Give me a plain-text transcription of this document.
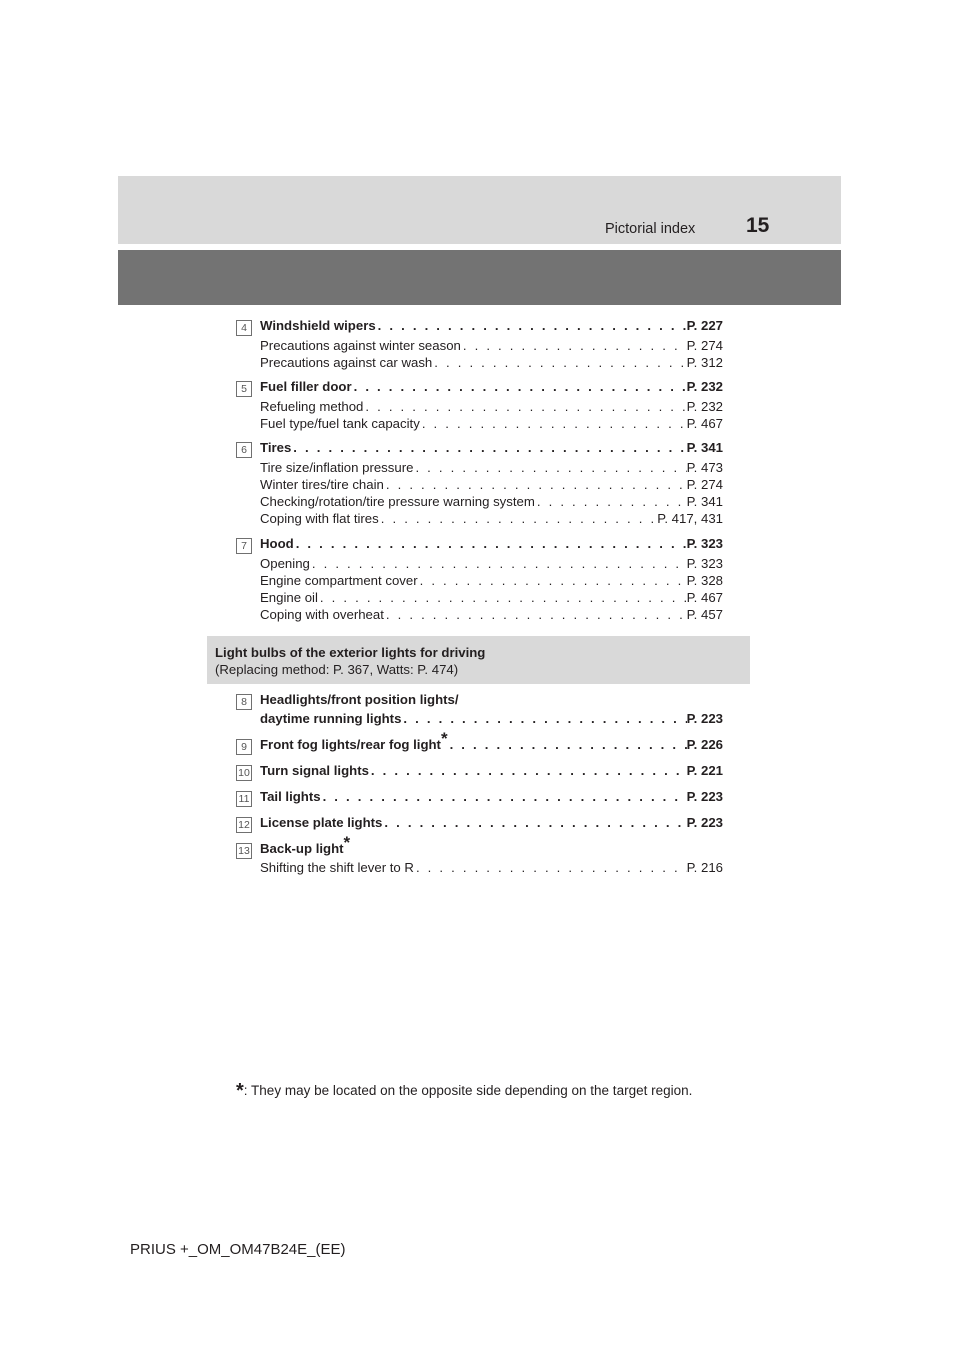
Pictorial index 15
4 Windshield wipers . . .	P. 227
Precautions against winter season . . .	P. 274
Precautions against car wash . . .	P. 312
5 Fuel filler door . . .	P. 232
Refueling method . . .	P. 232
Fuel type/fuel tank capacity . . .	P. 467
6 Tires . . .	P. 341
Tire size/inflation pressure . . .	P. 473
Winter tires/tire chain . . .	P. 274
Checking/rotation/tire pressure warning system . . .	P. 341
Coping with flat tires . . .	P. 417, 431
7 Hood . . .	P. 323
Opening . . .	P. 323
Engine compartment cover . . .	P. 328
Engine oil . . .	P. 467
Coping with overheat . . .	P. 457
Light bulbs of the exterior lights for driving
(Replacing method: P. 367, Watts: P. 474)
8 Headlights/front position lights/
daytime running lights . . .	P. 223
9 Front fog lights/rear fog light* . . .	P. 226
10 Turn signal lights . . .	P. 221
11 Tail lights . . .	P. 223
12 License plate lights . . .	P. 223
13 Back-up light*
Shifting the shift lever to R . . .	P. 216
*: They may be located on the opposite side depending on the target region.
PRIUS +_OM_OM47B24E_(EE)
